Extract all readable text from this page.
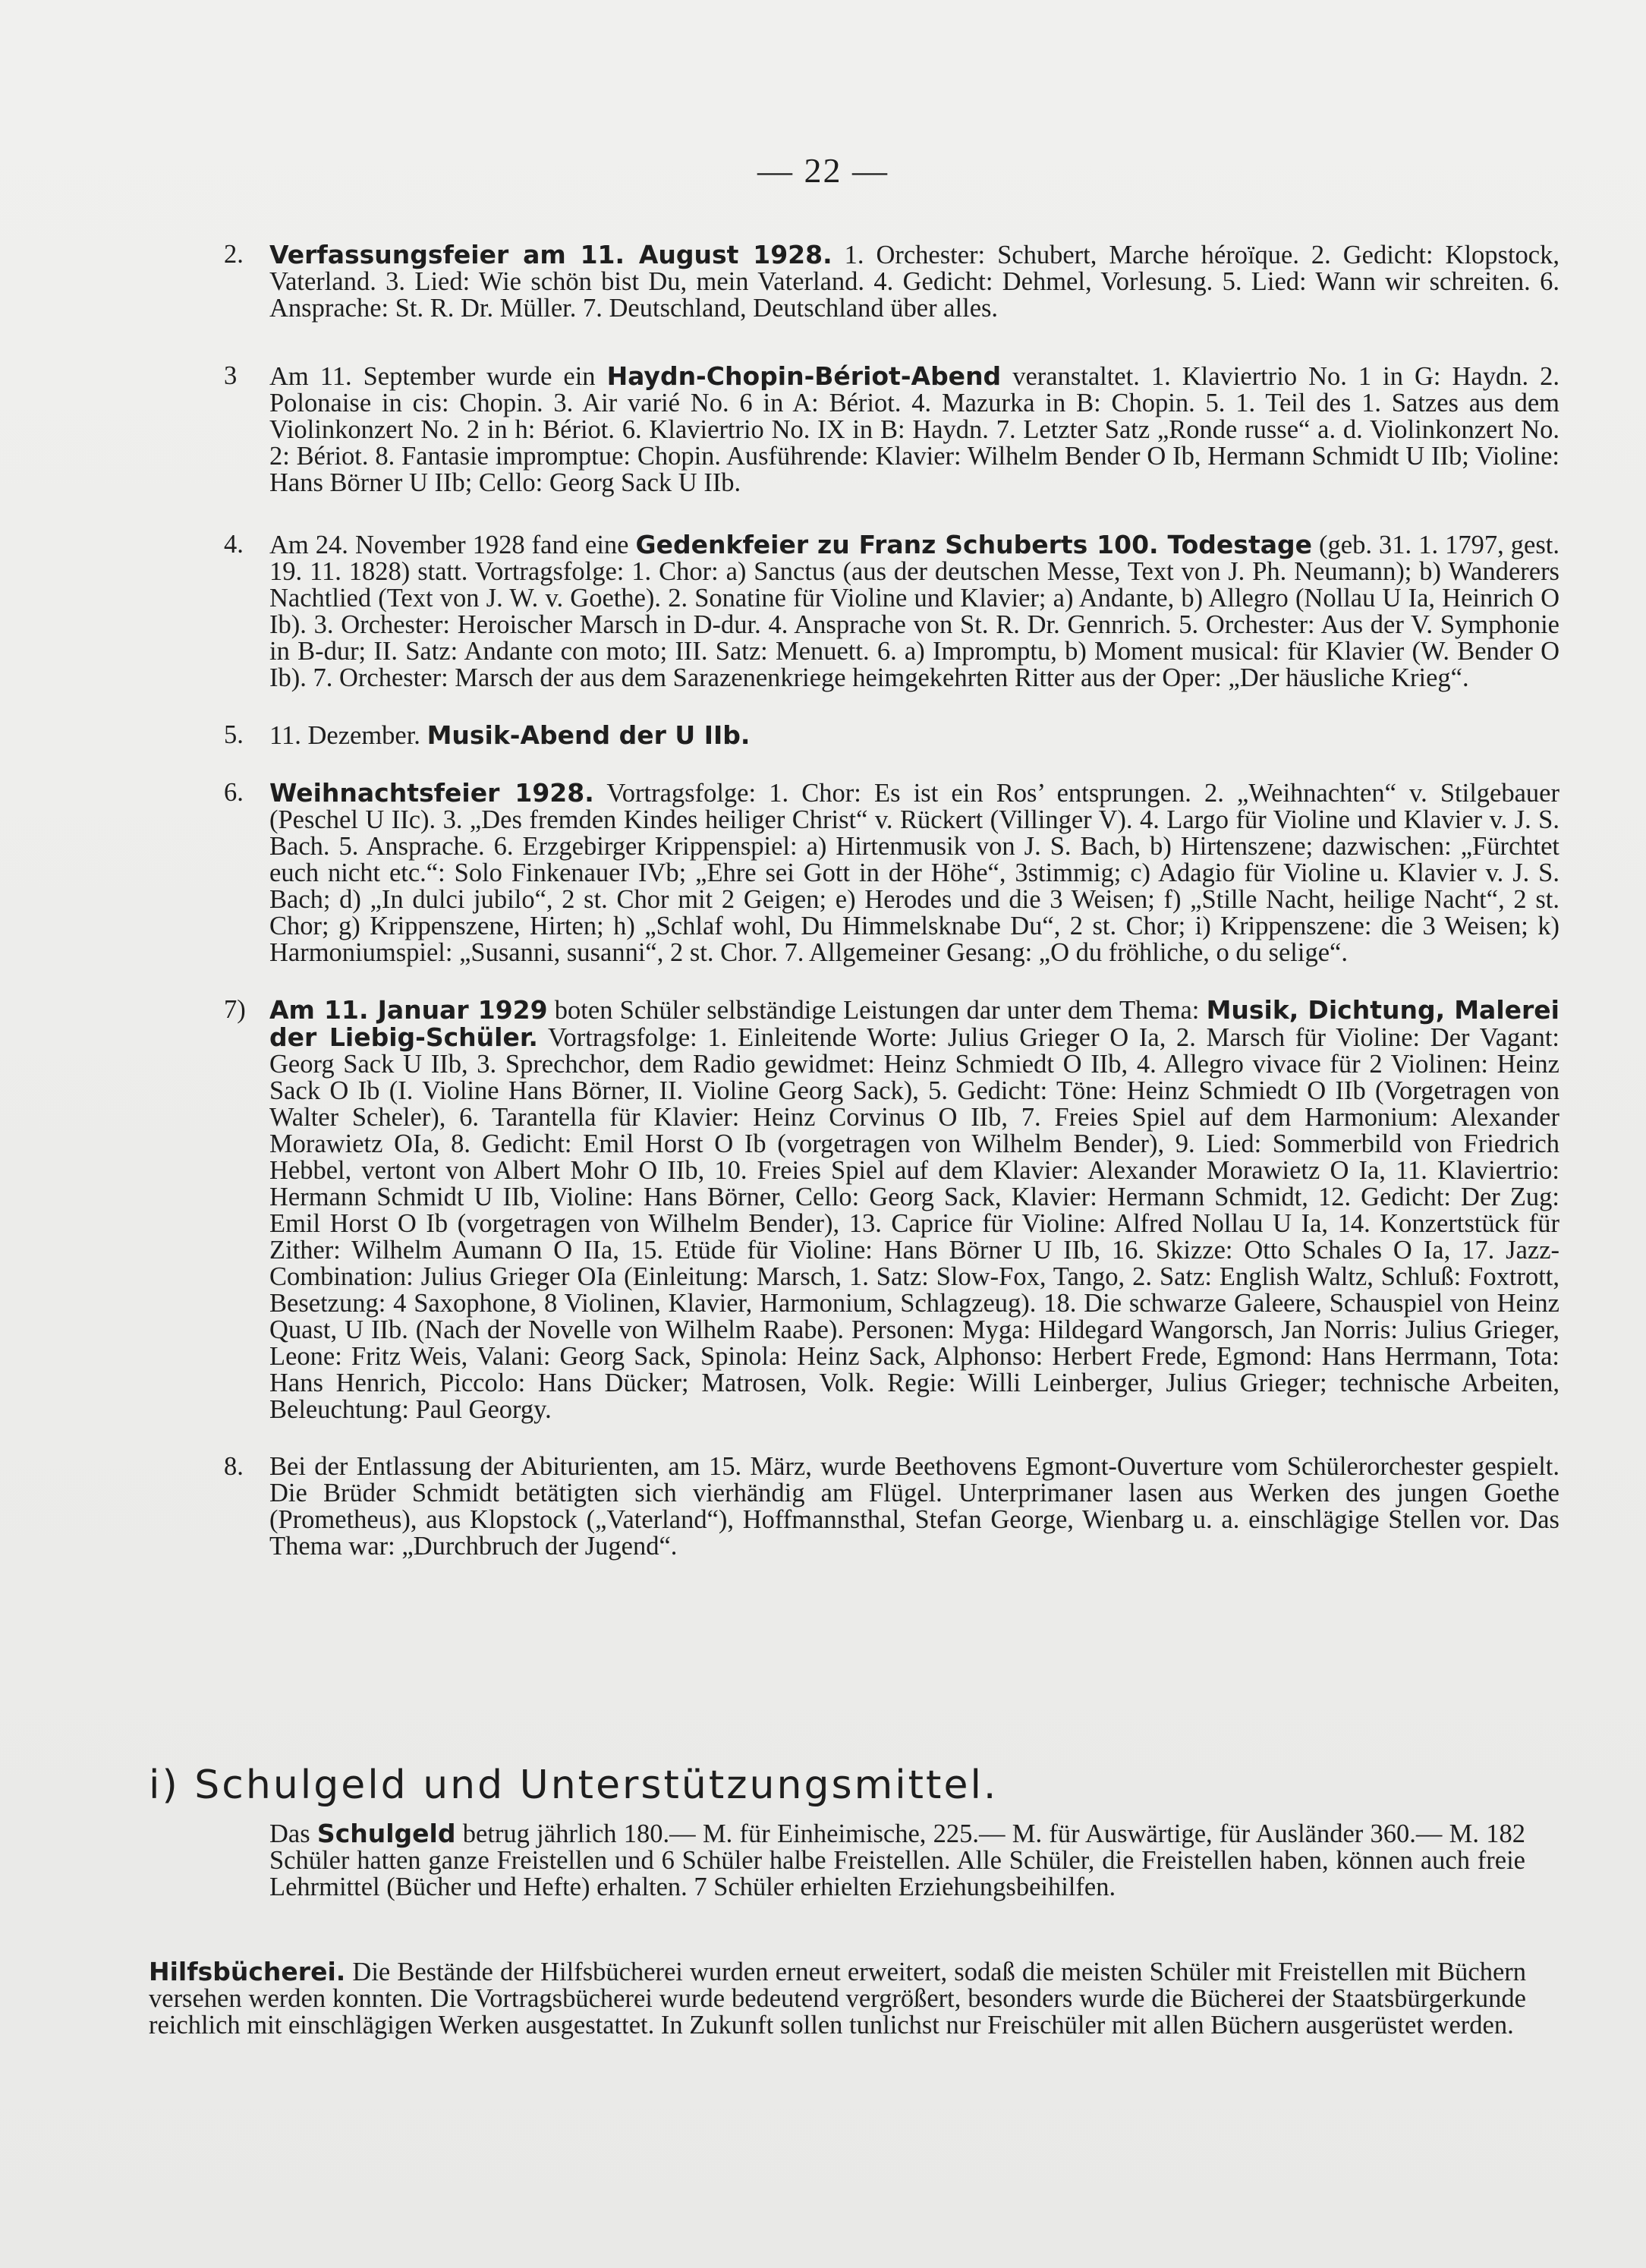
— 22 —
2. Verfassungsfeier am 11. August 1928. 1. Orchester: Schubert, Marche héroïque. 2. Gedicht: Klopstock, Vaterland. 3. Lied: Wie schön bist Du, mein Vaterland. 4. Gedicht: Dehmel, Vorlesung. 5. Lied: Wann wir schreiten. 6. Ansprache: St. R. Dr. Müller. 7. Deutschland, Deutschland über alles.
3 Am 11. September wurde ein Haydn-Chopin-Bériot-Abend veranstaltet. 1. Klaviertrio No. 1 in G: Haydn. 2. Polonaise in cis: Chopin. 3. Air varié No. 6 in A: Bériot. 4. Mazurka in B: Chopin. 5. 1. Teil des 1. Satzes aus dem Violinkonzert No. 2 in h: Bériot. 6. Klaviertrio No. IX in B: Haydn. 7. Letzter Satz „Ronde russe“ a. d. Violinkonzert No. 2: Bériot. 8. Fantasie impromptue: Chopin. Ausführende: Klavier: Wilhelm Bender O Ib, Hermann Schmidt U IIb; Violine: Hans Börner U IIb; Cello: Georg Sack U IIb.
4. Am 24. November 1928 fand eine Gedenkfeier zu Franz Schuberts 100. Todestage (geb. 31. 1. 1797, gest. 19. 11. 1828) statt. Vortragsfolge: 1. Chor: a) Sanctus (aus der deutschen Messe, Text von J. Ph. Neumann); b) Wanderers Nachtlied (Text von J. W. v. Goethe). 2. Sonatine für Violine und Klavier; a) Andante, b) Allegro (Nollau U Ia, Heinrich O Ib). 3. Orchester: Heroischer Marsch in D-dur. 4. Ansprache von St. R. Dr. Gennrich. 5. Orchester: Aus der V. Symphonie in B-dur; II. Satz: Andante con moto; III. Satz: Menuett. 6. a) Impromptu, b) Moment musical: für Klavier (W. Bender O Ib). 7. Orchester: Marsch der aus dem Sarazenenkriege heimgekehrten Ritter aus der Oper: „Der häusliche Krieg“.
5. 11. Dezember. Musik-Abend der U IIb.
6. Weihnachtsfeier 1928. Vortragsfolge: 1. Chor: Es ist ein Ros’ entsprungen. 2. „Weihnachten“ v. Stilgebauer (Peschel U IIc). 3. „Des fremden Kindes heiliger Christ“ v. Rückert (Villinger V). 4. Largo für Violine und Klavier v. J. S. Bach. 5. Ansprache. 6. Erzgebirger Krippenspiel: a) Hirtenmusik von J. S. Bach, b) Hirtenszene; dazwischen: „Fürchtet euch nicht etc.“: Solo Finkenauer IVb; „Ehre sei Gott in der Höhe“, 3stimmig; c) Adagio für Violine u. Klavier v. J. S. Bach; d) „In dulci jubilo“, 2 st. Chor mit 2 Geigen; e) Herodes und die 3 Weisen; f) „Stille Nacht, heilige Nacht“, 2 st. Chor; g) Krippenszene, Hirten; h) „Schlaf wohl, Du Himmelsknabe Du“, 2 st. Chor; i) Krippenszene: die 3 Weisen; k) Harmoniumspiel: „Susanni, susanni“, 2 st. Chor. 7. Allgemeiner Gesang: „O du fröhliche, o du selige“.
7) Am 11. Januar 1929 boten Schüler selbständige Leistungen dar unter dem Thema: Musik, Dichtung, Malerei der Liebig-Schüler. Vortragsfolge: 1. Einleitende Worte: Julius Grieger O Ia, 2. Marsch für Violine: Der Vagant: Georg Sack U IIb, 3. Sprechchor, dem Radio gewidmet: Heinz Schmiedt O IIb, 4. Allegro vivace für 2 Violinen: Heinz Sack O Ib (I. Violine Hans Börner, II. Violine Georg Sack), 5. Gedicht: Töne: Heinz Schmiedt O IIb (Vorgetragen von Walter Scheler), 6. Tarantella für Klavier: Heinz Corvinus O IIb, 7. Freies Spiel auf dem Harmonium: Alexander Morawietz OIa, 8. Gedicht: Emil Horst O Ib (vorgetragen von Wilhelm Bender), 9. Lied: Sommerbild von Friedrich Hebbel, vertont von Albert Mohr O IIb, 10. Freies Spiel auf dem Klavier: Alexander Morawietz O Ia, 11. Klaviertrio: Hermann Schmidt U IIb, Violine: Hans Börner, Cello: Georg Sack, Klavier: Hermann Schmidt, 12. Gedicht: Der Zug: Emil Horst O Ib (vorgetragen von Wilhelm Bender), 13. Caprice für Violine: Alfred Nollau U Ia, 14. Konzertstück für Zither: Wilhelm Aumann O IIa, 15. Etüde für Violine: Hans Börner U IIb, 16. Skizze: Otto Schales O Ia, 17. Jazz-Combination: Julius Grieger OIa (Einleitung: Marsch, 1. Satz: Slow-Fox, Tango, 2. Satz: English Waltz, Schluß: Foxtrott, Besetzung: 4 Saxophone, 8 Violinen, Klavier, Harmonium, Schlagzeug). 18. Die schwarze Galeere, Schauspiel von Heinz Quast, U IIb. (Nach der Novelle von Wilhelm Raabe). Personen: Myga: Hildegard Wangorsch, Jan Norris: Julius Grieger, Leone: Fritz Weis, Valani: Georg Sack, Spinola: Heinz Sack, Alphonso: Herbert Frede, Egmond: Hans Herrmann, Tota: Hans Henrich, Piccolo: Hans Dücker; Matrosen, Volk. Regie: Willi Leinberger, Julius Grieger; technische Arbeiten, Beleuchtung: Paul Georgy.
8. Bei der Entlassung der Abiturienten, am 15. März, wurde Beethovens Egmont-Ouverture vom Schülerorchester gespielt. Die Brüder Schmidt betätigten sich vierhändig am Flügel. Unterprimaner lasen aus Werken des jungen Goethe (Prometheus), aus Klopstock („Vaterland“), Hoffmannsthal, Stefan George, Wienbarg u. a. einschlägige Stellen vor. Das Thema war: „Durchbruch der Jugend“.
i) Schulgeld und Unterstützungsmittel.
Das Schulgeld betrug jährlich 180.— M. für Einheimische, 225.— M. für Auswärtige, für Ausländer 360.— M. 182 Schüler hatten ganze Freistellen und 6 Schüler halbe Freistellen. Alle Schüler, die Freistellen haben, können auch freie Lehrmittel (Bücher und Hefte) erhalten. 7 Schüler erhielten Erziehungsbeihilfen.
Hilfsbücherei. Die Bestände der Hilfsbücherei wurden erneut erweitert, sodaß die meisten Schüler mit Freistellen mit Büchern versehen werden konnten. Die Vortragsbücherei wurde bedeutend vergrößert, besonders wurde die Bücherei der Staatsbürgerkunde reichlich mit einschlägigen Werken ausgestattet. In Zukunft sollen tunlichst nur Freischüler mit allen Büchern ausgerüstet werden.
